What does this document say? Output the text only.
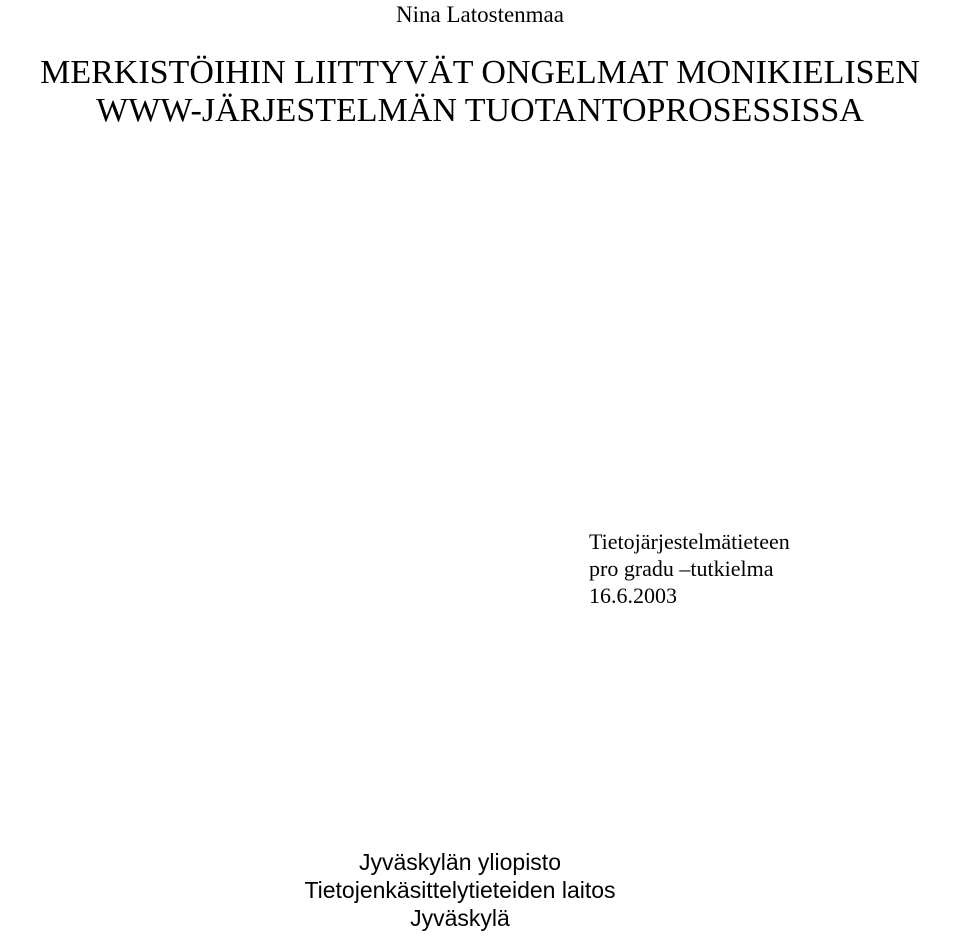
Nina Latostenmaa
MERKISTÖIHIN LIITTYVÄT ONGELMAT MONIKIELISEN
WWW-JÄRJESTELMÄN TUOTANTOPROSESSISSA
Tietojärjestelmätieteen
pro gradu –tutkielma
16.6.2003
Jyväskylän yliopisto
Tietojenkäsittelytieteiden laitos
Jyväskylä
